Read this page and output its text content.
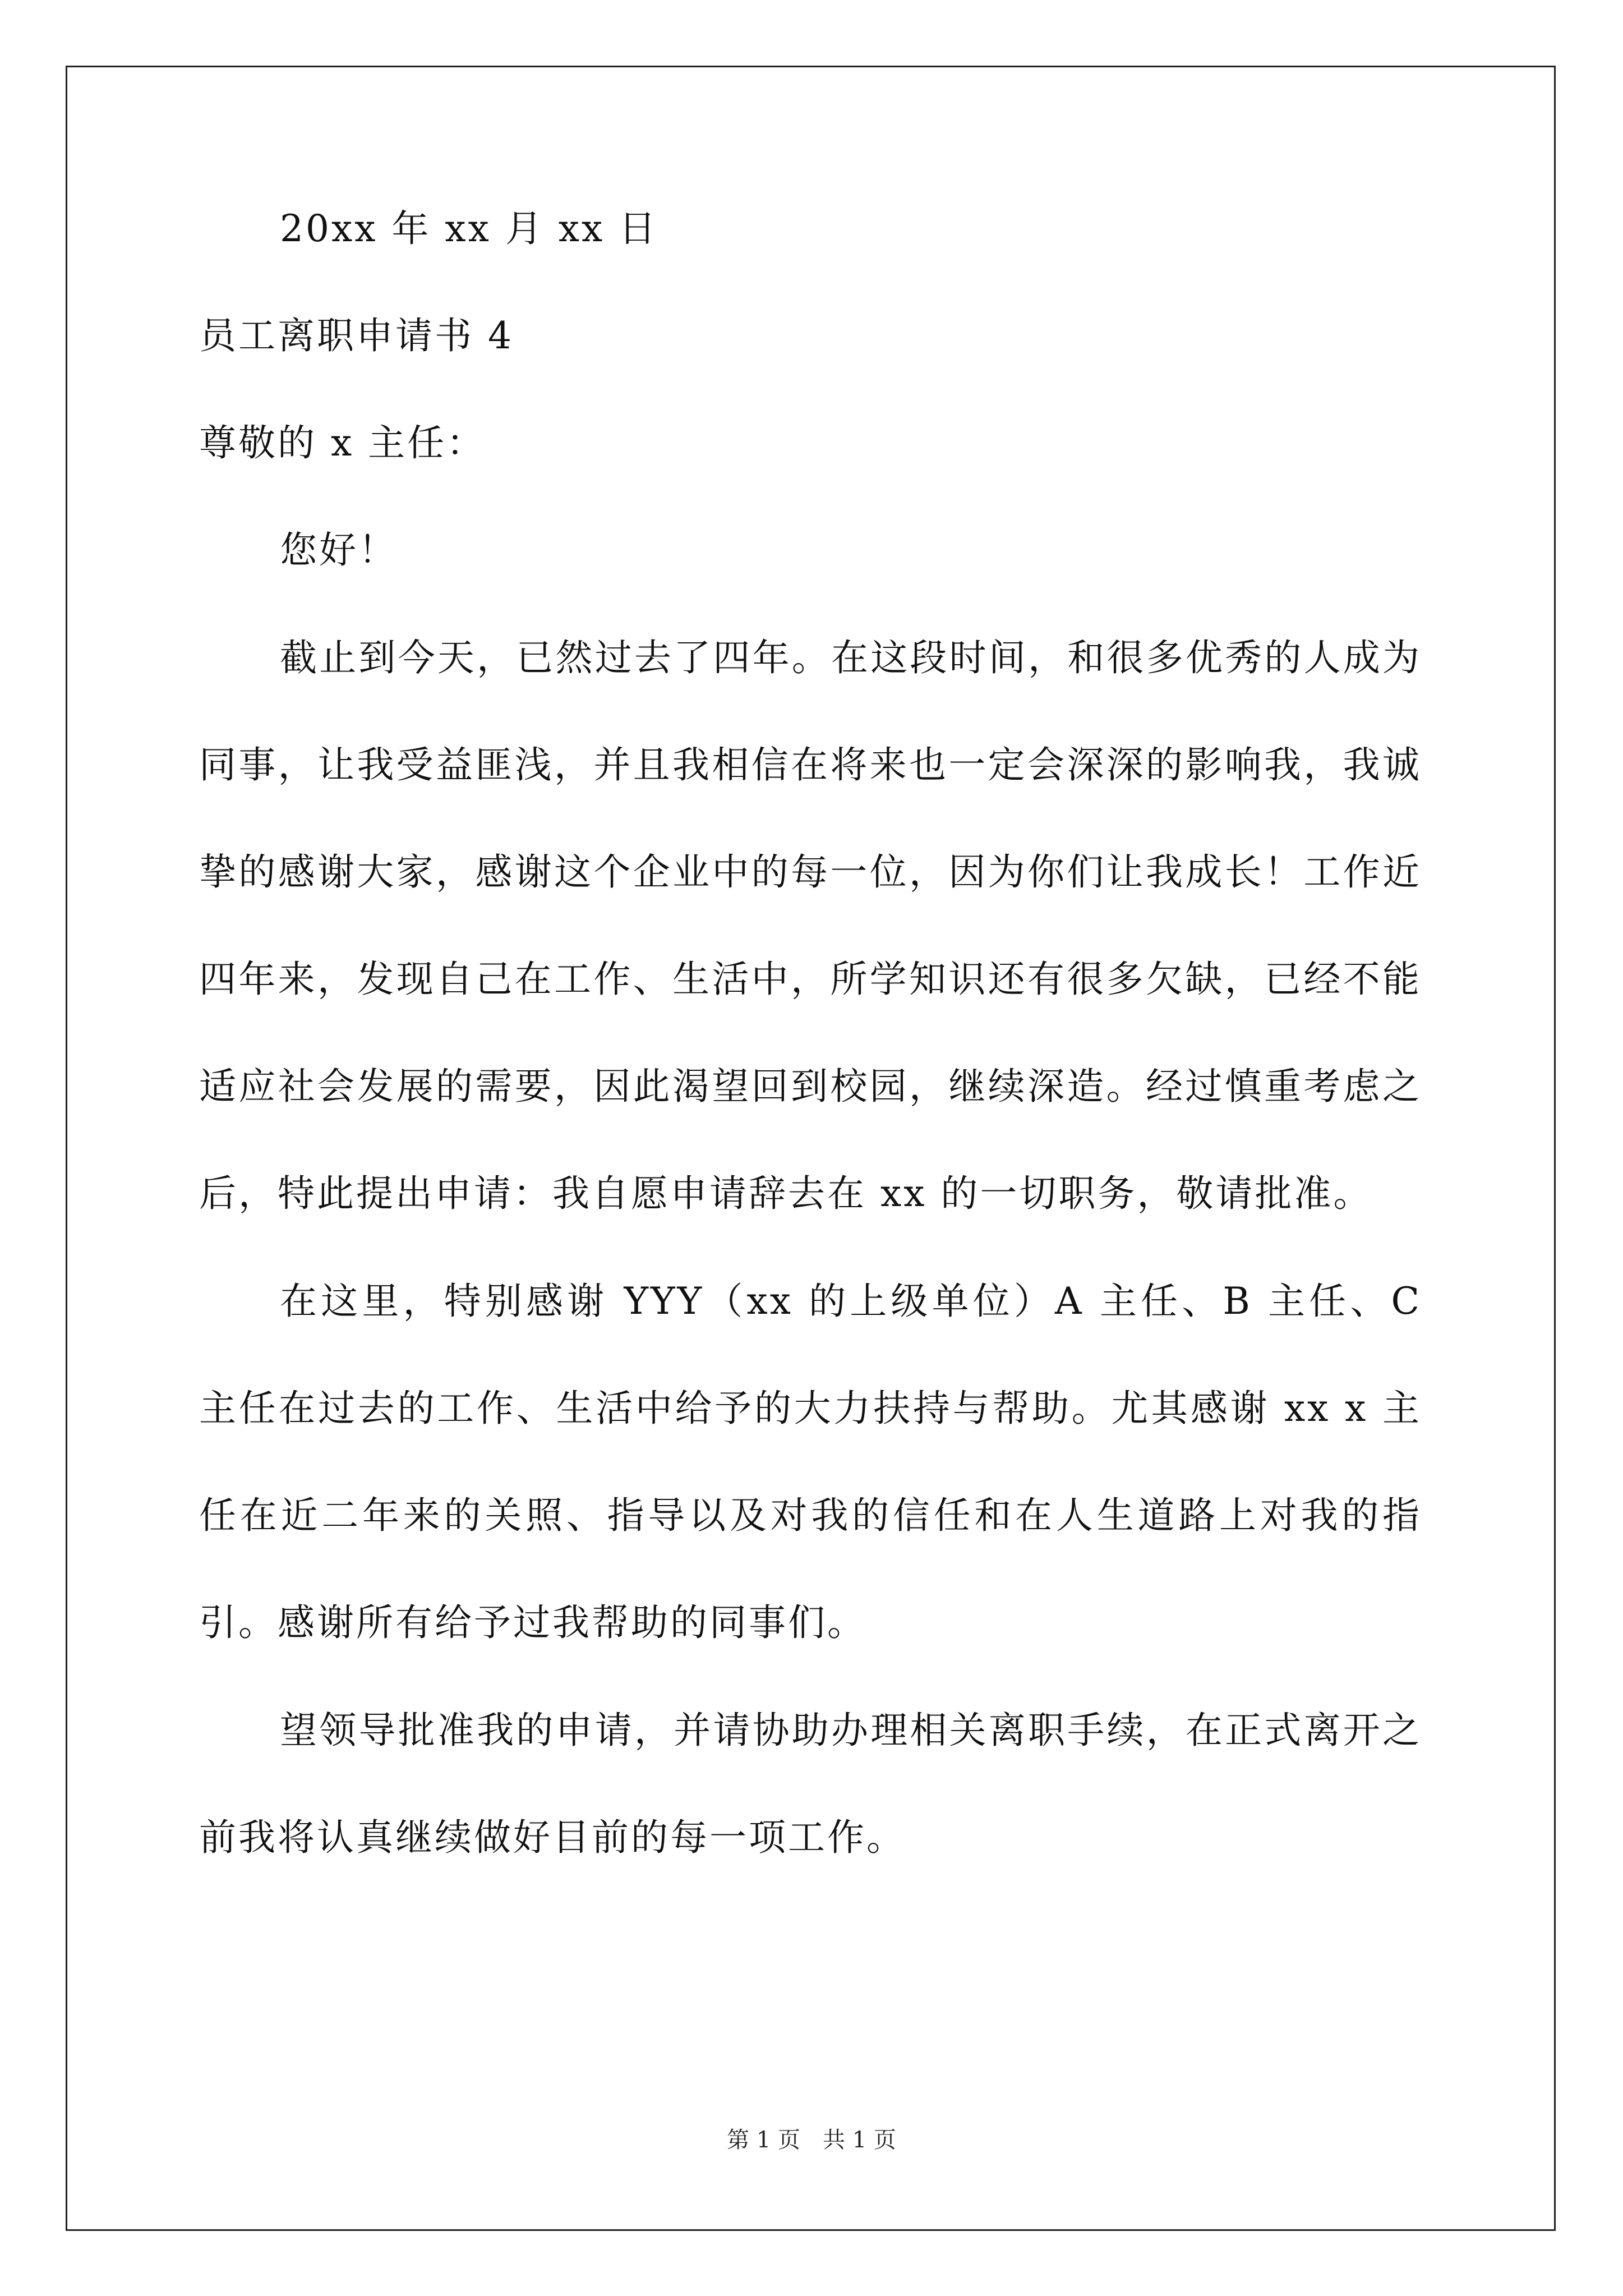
20xx 年 xx 月 xx 日
员工离职申请书 4
尊敬的 x 主任：
您好！

截止到今天，已然过去了四年。在这段时间，和很多优秀的人成为同事，让我受益匪浅，并且我相信在将来也一定会深深的影响我，我诚挚的感谢大家，感谢这个企业中的每一位，因为你们让我成长！工作近四年来，发现自己在工作、生活中，所学知识还有很多欠缺，已经不能适应社会发展的需要，因此渴望回到校园，继续深造。经过慎重考虑之后，特此提出申请：我自愿申请辞去在 xx 的一切职务，敬请批准。

在这里，特别感谢 YYY（xx 的上级单位）A 主任、B 主任、C 主任在过去的工作、生活中给予的大力扶持与帮助。尤其感谢 xx x 主任在近二年来的关照、指导以及对我的信任和在人生道路上对我的指引。感谢所有给予过我帮助的同事们。

望领导批准我的申请，并请协助办理相关离职手续，在正式离开之前我将认真继续做好目前的每一项工作。

第 1 页　共 1 页
